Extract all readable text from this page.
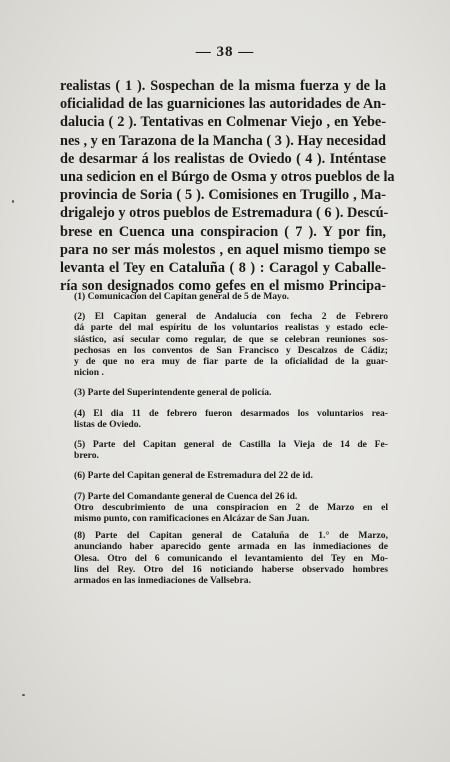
— 38 —
realistas ( 1 ). Sospechan de la misma fuerza y de la
oficialidad de las guarniciones las autoridades de An-
dalucia ( 2 ). Tentativas en Colmenar Viejo , en Yebe-
nes , y en Tarazona de la Mancha ( 3 ). Hay necesidad
de desarmar á los realistas de Oviedo ( 4 ). Inténtase
una sedicion en el Búrgo de Osma y otros pueblos de la
provincia de Soria ( 5 ). Comisiones en Trugillo , Ma-
drigalejo y otros pueblos de Estremadura ( 6 ). Descú-
brese en Cuenca una conspiracion ( 7 ). Y por fin,
para no ser más molestos , en aquel mismo tiempo se
levanta el Tey en Cataluña ( 8 ) : Caragol y Caballe-
ría son designados como gefes en el mismo Principa-

(1) Comunicacion del Capitan general de 5 de Mayo.

(2) El Capitan general de Andalucía con fecha 2 de Febrero
dá parte del mal espíritu de los voluntarios realistas y estado ecle-
siástico, así secular como regular, de que se celebran reuniones sos-
pechosas en los conventos de San Francisco y Descalzos de Cádiz;
y de que no era muy de fiar parte de la oficialidad de la guar-
nicion .

(3) Parte del Superintendente general de policía.

(4) El dia 11 de febrero fueron desarmados los voluntarios rea-
listas de Oviedo.

(5) Parte del Capitan general de Castilla la Vieja de 14 de Fe-
brero.

(6) Parte del Capitan general de Estremadura del 22 de id.

(7) Parte del Comandante general de Cuenca del 26 id.
Otro descubrimiento de una conspiracion en 2 de Marzo en el
mismo punto, con ramificaciones en Alcázar de San Juan.

(8) Parte del Capitan general de Cataluña de 1.° de Marzo,
anunciando haber aparecido gente armada en las inmediaciones de
Olesa. Otro del 6 comunicando el levantamiento del Tey en Mo-
lins del Rey. Otro del 16 noticiando haberse observado hombres
armados en las inmediaciones de Vallsebra.
